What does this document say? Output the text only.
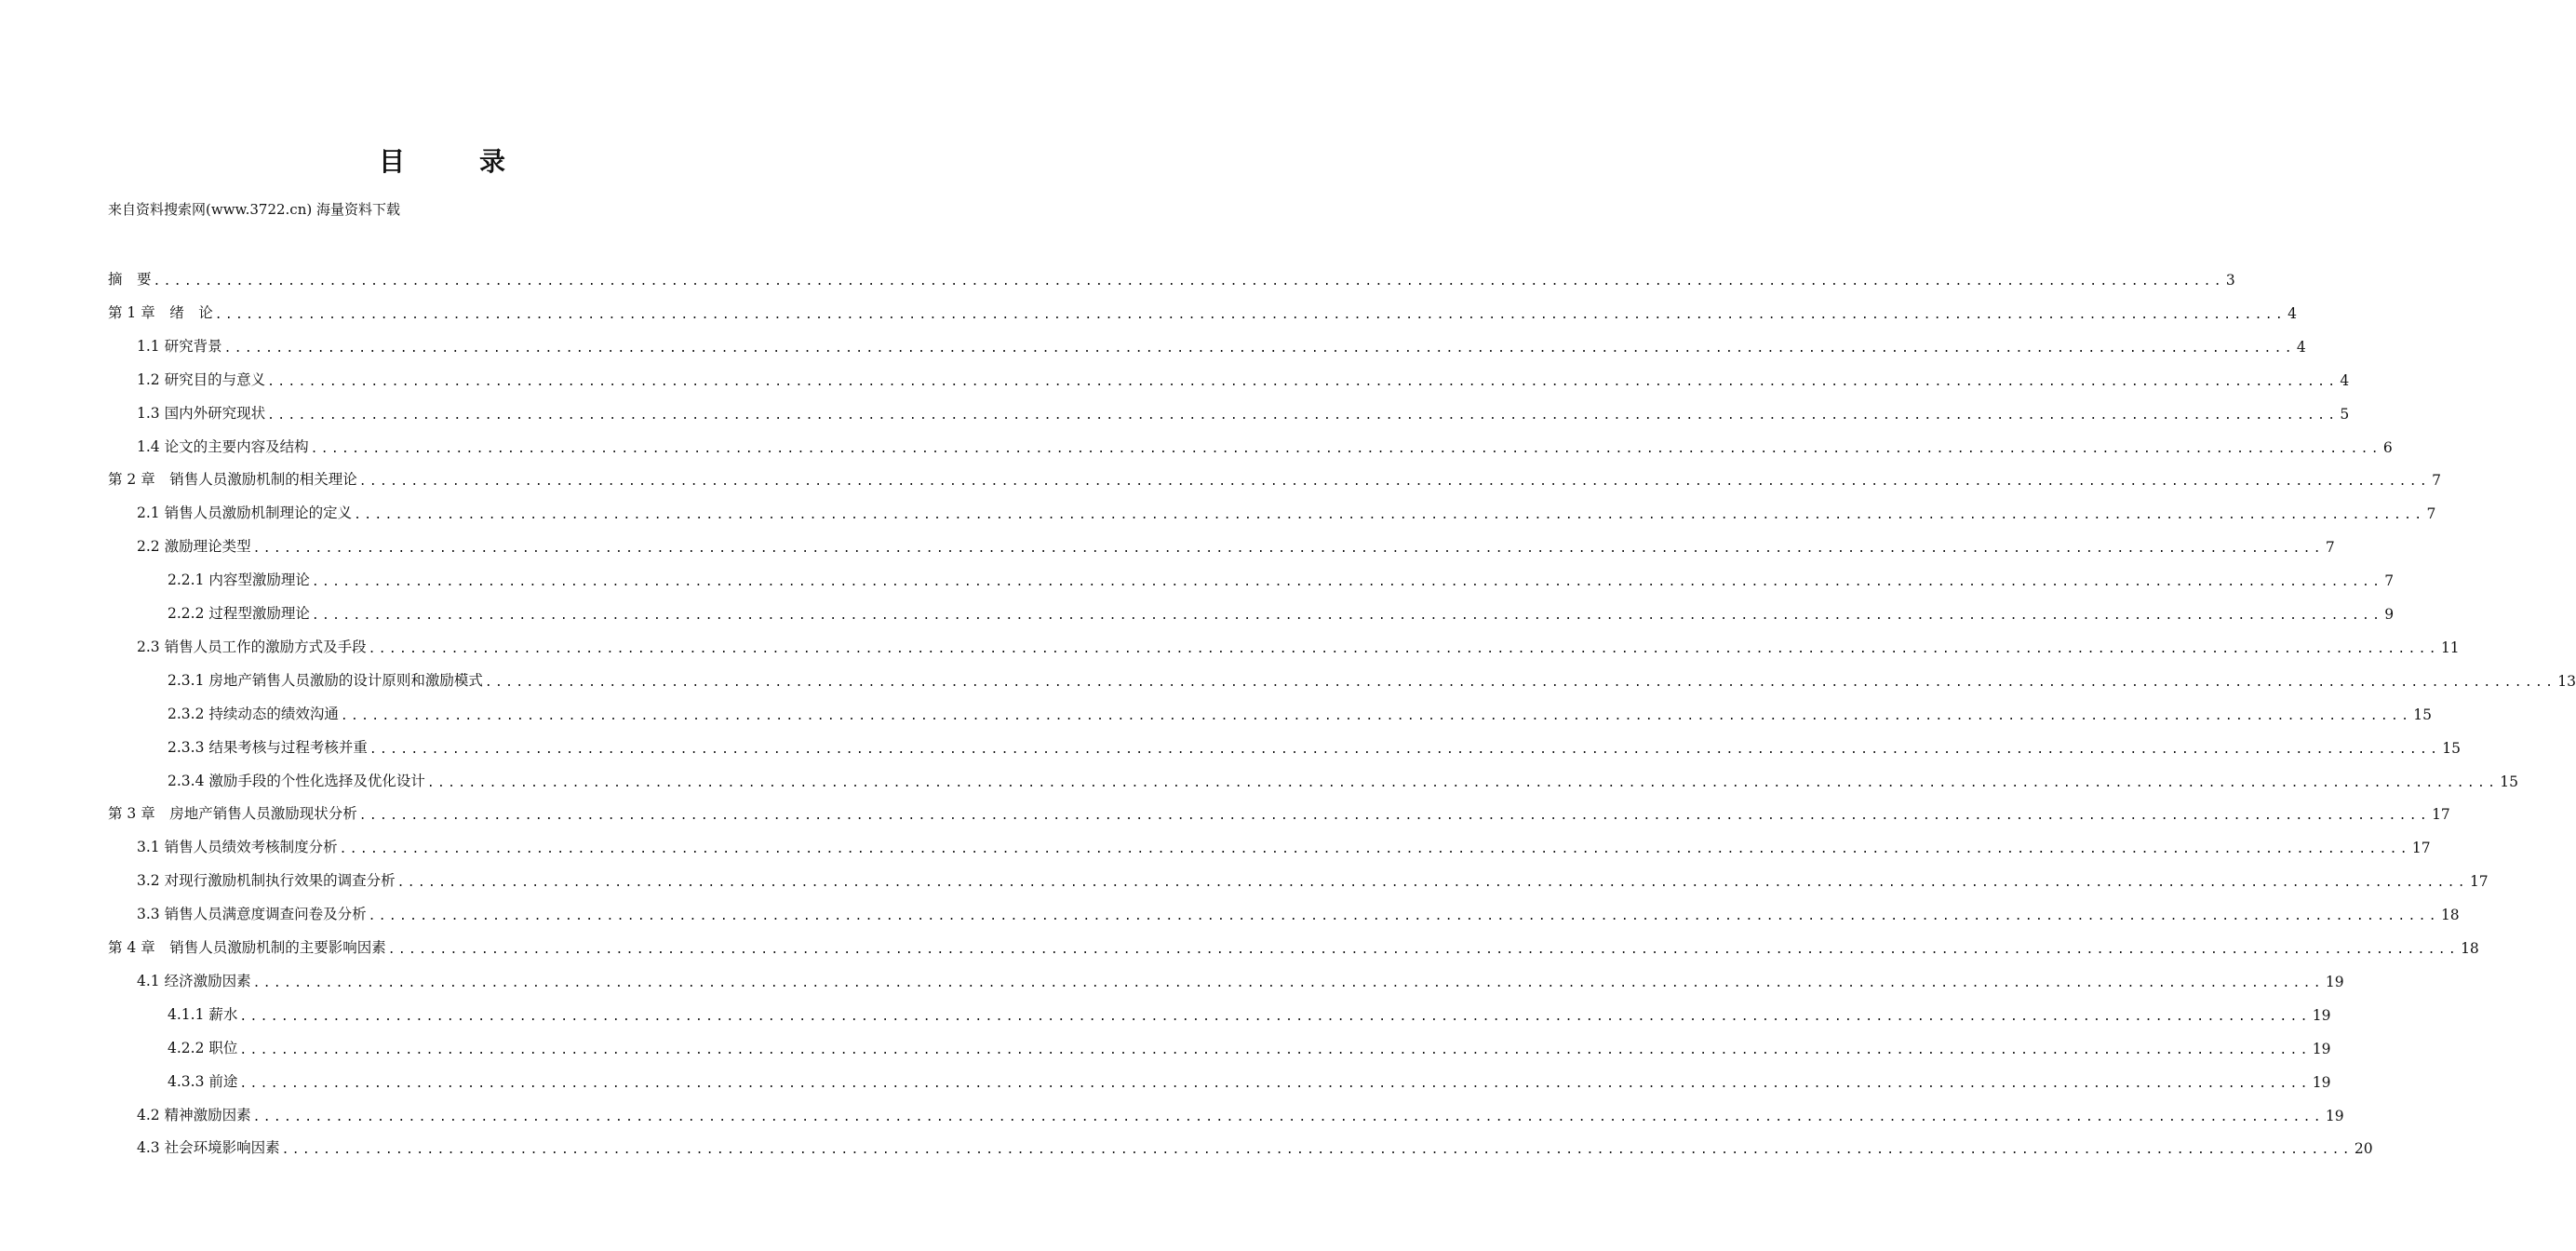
目　录
来自资料搜索网(www.3722.cn) 海量资料下载
摘　要 ........................................................................................................................................................................................................ 3
第 1 章　绪　论 ........................................................................................................................................................................................................ 4
1.1 研究背景 ........................................................................................................................................................................................................ 4
1.2 研究目的与意义 ........................................................................................................................................................................................................ 4
1.3 国内外研究现状 ........................................................................................................................................................................................................ 5
1.4 论文的主要内容及结构 ........................................................................................................................................................................................................ 6
第 2 章　销售人员激励机制的相关理论 ........................................................................................................................................................................................................ 7
2.1 销售人员激励机制理论的定义 ........................................................................................................................................................................................................ 7
2.2 激励理论类型 ........................................................................................................................................................................................................ 7
2.2.1 内容型激励理论 ........................................................................................................................................................................................................ 7
2.2.2 过程型激励理论 ........................................................................................................................................................................................................ 9
2.3 销售人员工作的激励方式及手段 ........................................................................................................................................................................................................ 11
2.3.1 房地产销售人员激励的设计原则和激励模式 ........................................................................................................................................................................................................ 13
2.3.2 持续动态的绩效沟通 ........................................................................................................................................................................................................ 15
2.3.3 结果考核与过程考核并重 ........................................................................................................................................................................................................ 15
2.3.4 激励手段的个性化选择及优化设计 ........................................................................................................................................................................................................ 15
第 3 章　房地产销售人员激励现状分析 ........................................................................................................................................................................................................ 17
3.1 销售人员绩效考核制度分析 ........................................................................................................................................................................................................ 17
3.2 对现行激励机制执行效果的调查分析 ........................................................................................................................................................................................................ 17
3.3 销售人员满意度调查问卷及分析 ........................................................................................................................................................................................................ 18
第 4 章　销售人员激励机制的主要影响因素 ........................................................................................................................................................................................................ 18
4.1 经济激励因素 ........................................................................................................................................................................................................ 19
4.1.1 薪水 ........................................................................................................................................................................................................ 19
4.2.2 职位 ........................................................................................................................................................................................................ 19
4.3.3 前途 ........................................................................................................................................................................................................ 19
4.2 精神激励因素 ........................................................................................................................................................................................................ 19
4.3 社会环境影响因素 ........................................................................................................................................................................................................ 20
